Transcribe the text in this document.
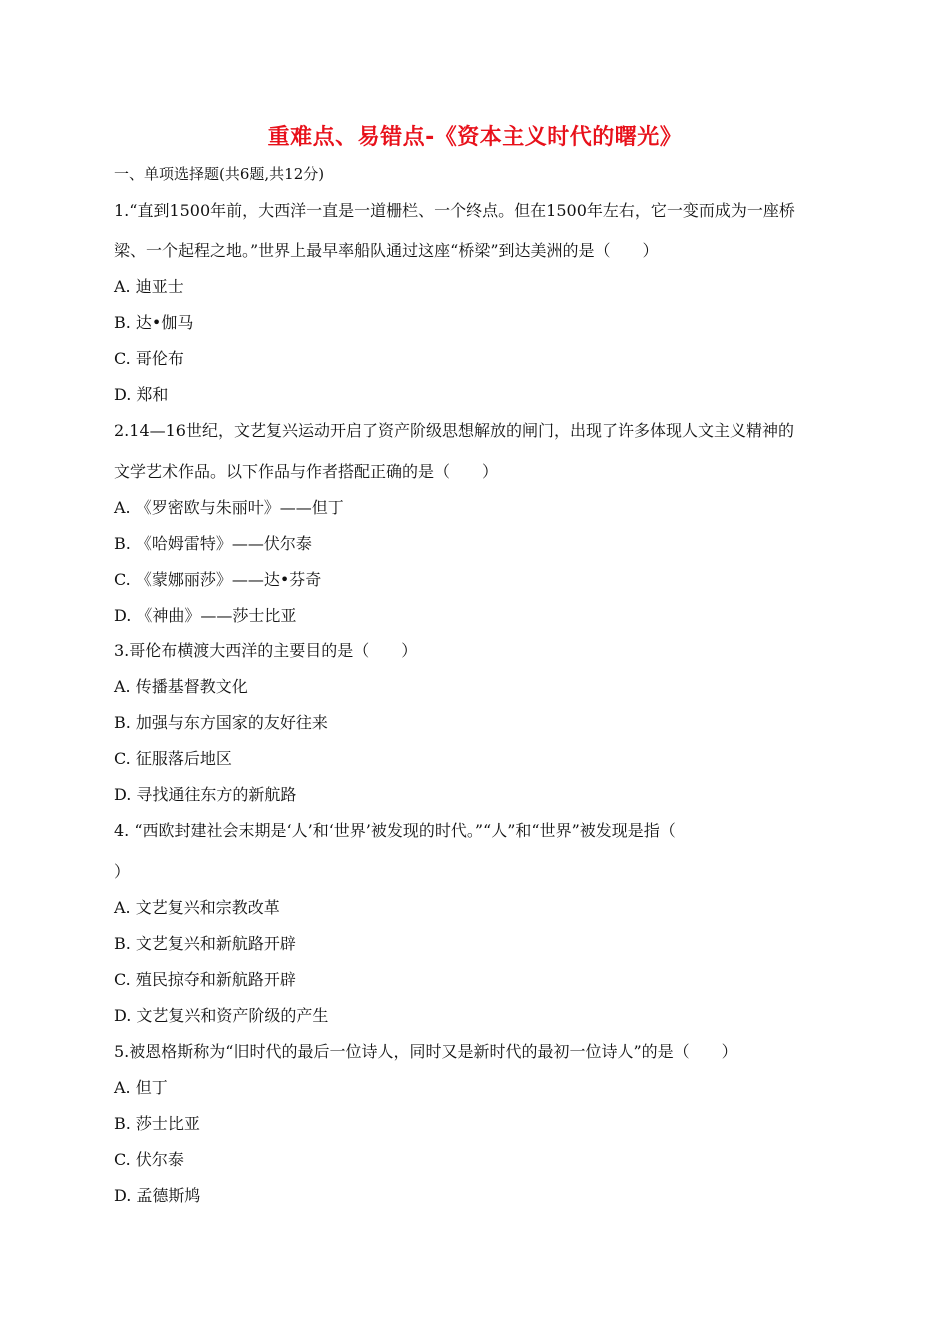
重难点、易错点-《资本主义时代的曙光》
一、单项选择题(共6题,共12分)
1.“直到1500年前，大西洋一直是一道栅栏、一个终点。但在1500年左右，它一变而成为一座桥
梁、一个起程之地。”世界上最早率船队通过这座“桥梁”到达美洲的是（　　）
A. 迪亚士
B. 达•伽马
C. 哥伦布
D. 郑和
2.14—16世纪，文艺复兴运动开启了资产阶级思想解放的闸门，出现了许多体现人文主义精神的
文学艺术作品。以下作品与作者搭配正确的是（　　）
A. 《罗密欧与朱丽叶》——但丁
B. 《哈姆雷特》——伏尔泰
C. 《蒙娜丽莎》——达•芬奇
D. 《神曲》——莎士比亚
3.哥伦布横渡大西洋的主要目的是（　　）
A. 传播基督教文化
B. 加强与东方国家的友好往来
C. 征服落后地区
D. 寻找通往东方的新航路
4. “西欧封建社会末期是‘人’和‘世界’被发现的时代。”“人”和“世界”被发现是指（
）
A. 文艺复兴和宗教改革
B. 文艺复兴和新航路开辟
C. 殖民掠夺和新航路开辟
D. 文艺复兴和资产阶级的产生
5.被恩格斯称为“旧时代的最后一位诗人，同时又是新时代的最初一位诗人”的是（　　）
A. 但丁
B. 莎士比亚
C. 伏尔泰
D. 孟德斯鸠
